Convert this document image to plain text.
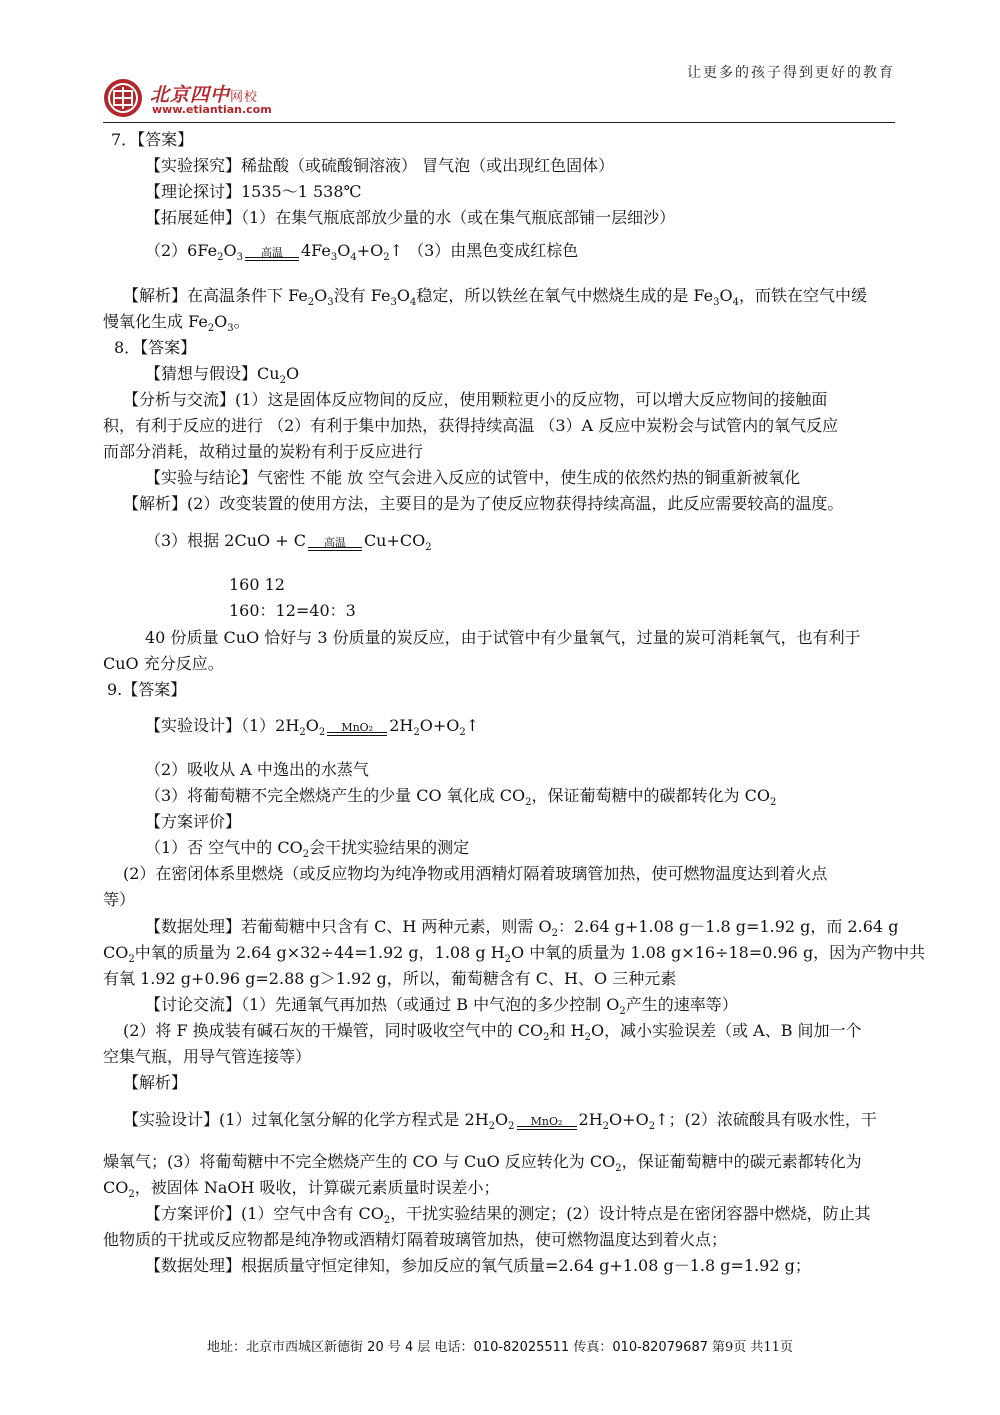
让更多的孩子得到更好的教育
北京四中网校
www.etiantian.com
7．【答案】
【实验探究】稀盐酸（或硫酸铜溶液） 冒气泡（或出现红色固体）
【理论探讨】1535～1 538℃
【拓展延伸】（1）在集气瓶底部放少量的水（或在集气瓶底部铺一层细沙）
$(2)6Fe_2O_3$	高温	$4Fe_3O_4+O_2↑$ （3）由黑色变成红棕色
【解析】在高温条件下 $Fe_2O_3$没有 $Fe_3O_4$稳定，所以铁丝在氧气中燃烧生成的是 $Fe_3O_4$，而铁在空气中缓
慢氧化生成 $Fe_2O_3$。
8．【答案】
【猜想与假设】$Cu_2O$
【分析与交流】(1）这是固体反应物间的反应，使用颗粒更小的反应物，可以增大反应物间的接触面
积，有利于反应的进行 （2）有利于集中加热，获得持续高温 （3）A 反应中炭粉会与试管内的氧气反应
而部分消耗，故稍过量的炭粉有利于反应进行
【实验与结论】气密性 不能 放 空气会进入反应的试管中，使生成的依然灼热的铜重新被氧化
【解析】(2）改变装置的使用方法，主要目的是为了使反应物获得持续高温，此反应需要较高的温度。
（3）根据 2CuO + C	高温	$Cu+CO_2$
160 12
160：12=40：3
40 份质量 CuO 恰好与 3 份质量的炭反应，由于试管中有少量氧气，过量的炭可消耗氧气，也有利于
CuO 充分反应。
9.【答案】
【实验设计】$(1)2H_2O_2$	MnO₂	$2H_2O+O_2↑$
（2）吸收从 A 中逸出的水蒸气
（3）将葡萄糖不完全燃烧产生的少量 CO 氧化成 $CO_2$，保证葡萄糖中的碳都转化为 $CO_2$
【方案评价】
（1）否 空气中的 $CO_2$会干扰实验结果的测定
(2）在密闭体系里燃烧（或反应物均为纯净物或用酒精灯隔着玻璃管加热，使可燃物温度达到着火点
等）
【数据处理】若葡萄糖中只含有 C、H 两种元素，则需 $O_2$：2.64 g+1.08 g－1.8 g=1.92 g，而 2.64 g
$CO_2$中氧的质量为 2.64 g×32÷44=1.92 g，1.08 g $H_2O$ 中氧的质量为 1.08 g×16÷18=0.96 g，因为产物中共
有氧 1.92 g+0.96 g=2.88 g＞1.92 g，所以，葡萄糖含有 C、H、O 三种元素
【讨论交流】（1）先通氧气再加热（或通过 B 中气泡的多少控制 $O_2$产生的速率等）
(2）将 F 换成装有碱石灰的干燥管，同时吸收空气中的 $CO_2$和 $H_2O$，减小实验误差（或 A、B 间加一个
空集气瓶，用导气管连接等）
【解析】
【实验设计】(1）过氧化氢分解的化学方程式是 $2H_2O_2$	MnO₂	$2H_2O+O_2↑$；(2）浓硫酸具有吸水性，干
燥氧气；(3）将葡萄糖中不完全燃烧产生的 CO 与 CuO 反应转化为 $CO_2$，保证葡萄糖中的碳元素都转化为
$CO_2$，被固体 NaOH 吸收，计算碳元素质量时误差小；
【方案评价】(1）空气中含有 $CO_2$，干扰实验结果的测定；(2）设计特点是在密闭容器中燃烧，防止其
他物质的干扰或反应物都是纯净物或酒精灯隔着玻璃管加热，使可燃物温度达到着火点；
【数据处理】根据质量守恒定律知，参加反应的氧气质量=2.64 g+1.08 g－1.8 g=1.92 g；
地址：北京市西城区新德街 20 号 4 层 电话：010-82025511 传真：010-82079687 第9页 共11页
